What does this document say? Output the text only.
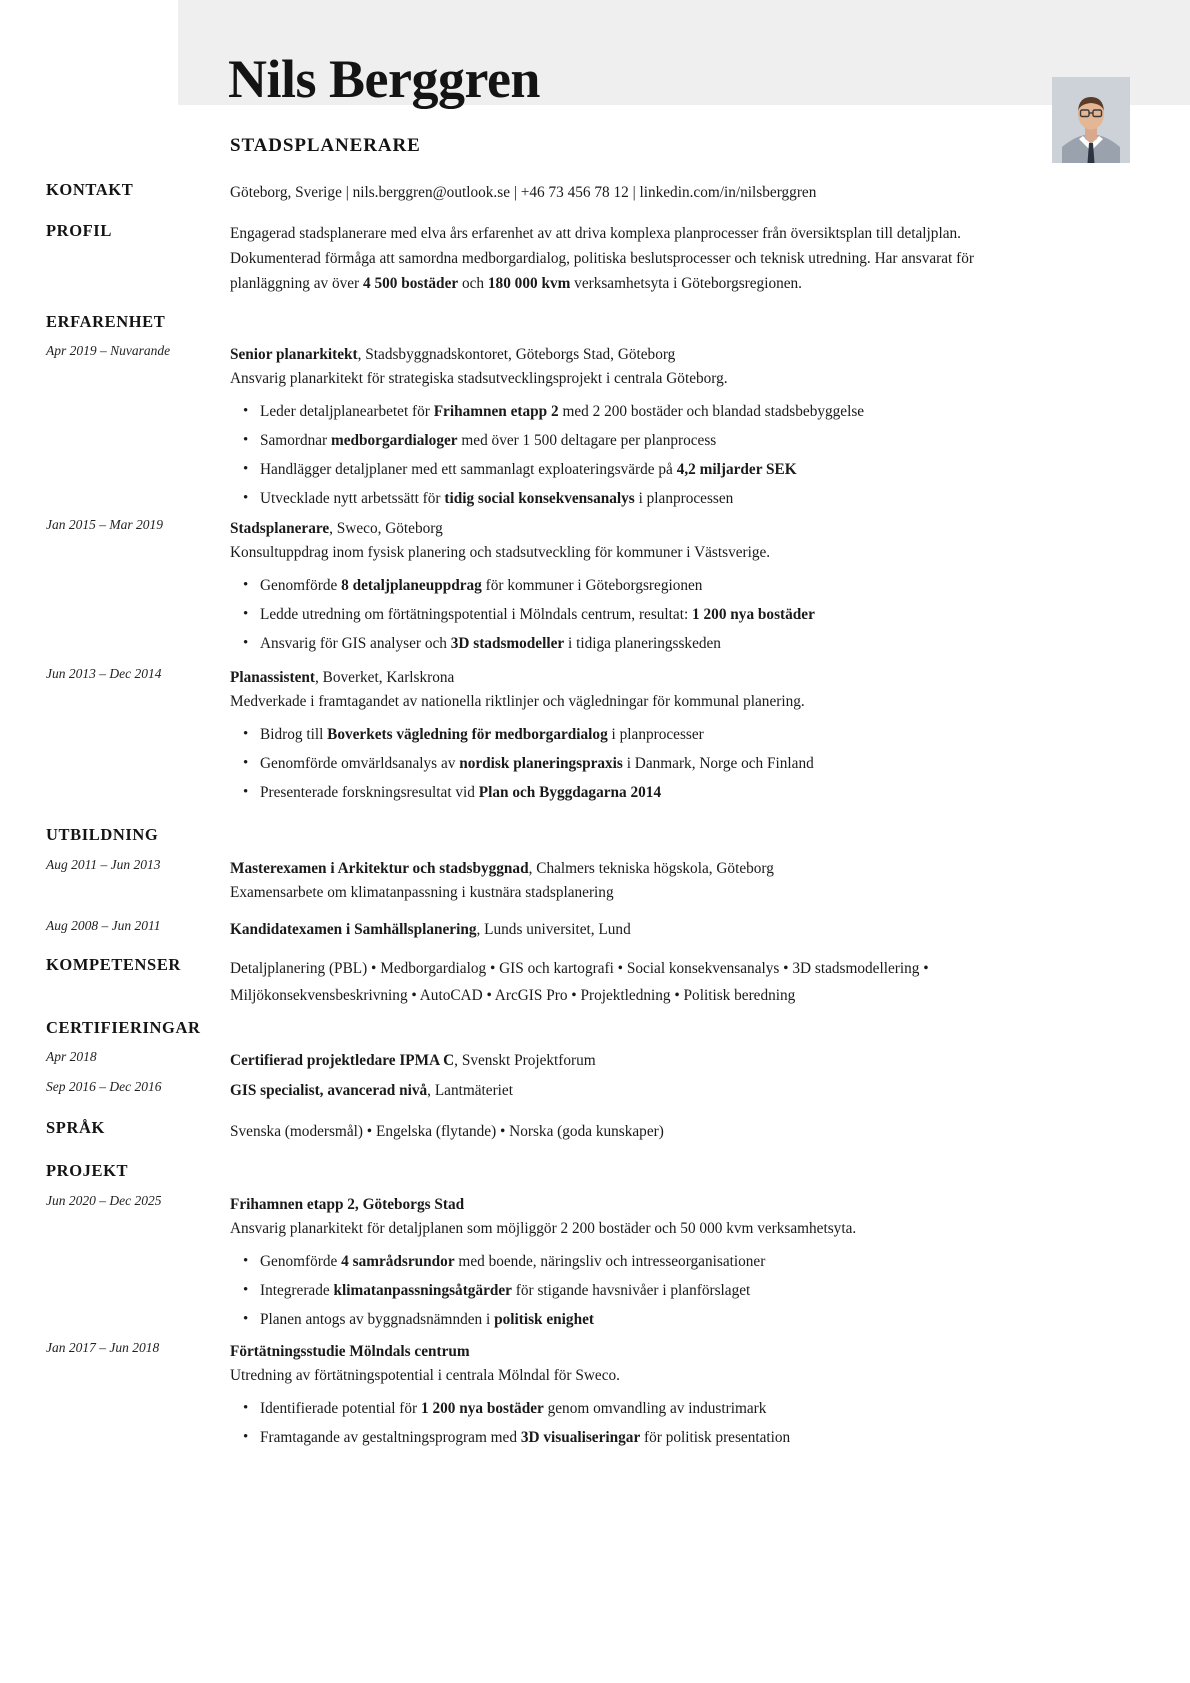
Nils Berggren
STADSPLANERARE
KONTAKT	Göteborg, Sverige | nils.berggren@outlook.se | +46 73 456 78 12 | linkedin.com/in/nilsberggren
PROFIL	Engagerad stadsplanerare med elva års erfarenhet av att driva komplexa planprocesser från översiktsplan till detaljplan. Dokumenterad förmåga att samordna medborgardialog, politiska beslutsprocesser och teknisk utredning. Har ansvarat för planläggning av över 4 500 bostäder och 180 000 kvm verksamhetsyta i Göteborgsregionen.
ERFARENHET
Apr 2019 – Nuvarande	Senior planarkitekt, Stadsbyggnadskontoret, Göteborgs Stad, Göteborg
Ansvarig planarkitekt för strategiska stadsutvecklingsprojekt i centrala Göteborg.
• Leder detaljplanearbetet för Frihamnen etapp 2 med 2 200 bostäder och blandad stadsbebyggelse
• Samordnar medborgardialoger med över 1 500 deltagare per planprocess
• Handlägger detaljplaner med ett sammanlagt exploateringsvärde på 4,2 miljarder SEK
• Utvecklade nytt arbetssätt för tidig social konsekvensanalys i planprocessen
Jan 2015 – Mar 2019	Stadsplanerare, Sweco, Göteborg
Konsultuppdrag inom fysisk planering och stadsutveckling för kommuner i Västsverige.
• Genomförde 8 detaljplaneuppdrag för kommuner i Göteborgsregionen
• Ledde utredning om förtätningspotential i Mölndals centrum, resultat: 1 200 nya bostäder
• Ansvarig för GIS analyser och 3D stadsmodeller i tidiga planeringsskeden
Jun 2013 – Dec 2014	Planassistent, Boverket, Karlskrona
Medverkade i framtagandet av nationella riktlinjer och vägledningar för kommunal planering.
• Bidrog till Boverkets vägledning för medborgardialog i planprocesser
• Genomförde omvärldsanalys av nordisk planeringspraxis i Danmark, Norge och Finland
• Presenterade forskningsresultat vid Plan och Byggdagarna 2014
UTBILDNING
Aug 2011 – Jun 2013	Masterexamen i Arkitektur och stadsbyggnad, Chalmers tekniska högskola, Göteborg
Examensarbete om klimatanpassning i kustnära stadsplanering
Aug 2008 – Jun 2011	Kandidatexamen i Samhällsplanering, Lunds universitet, Lund
KOMPETENSER	Detaljplanering (PBL) • Medborgardialog • GIS och kartografi • Social konsekvensanalys • 3D stadsmodellering •
Miljökonsekvensbeskrivning • AutoCAD • ArcGIS Pro • Projektledning • Politisk beredning
CERTIFIERINGAR
Apr 2018	Certifierad projektledare IPMA C, Svenskt Projektforum
Sep 2016 – Dec 2016	GIS specialist, avancerad nivå, Lantmäteriet
SPRÅK	Svenska (modersmål) • Engelska (flytande) • Norska (goda kunskaper)
PROJEKT
Jun 2020 – Dec 2025	Frihamnen etapp 2, Göteborgs Stad
Ansvarig planarkitekt för detaljplanen som möjliggör 2 200 bostäder och 50 000 kvm verksamhetsyta.
• Genomförde 4 samrådsrundor med boende, näringsliv och intresseorganisationer
• Integrerade klimatanpassningsåtgärder för stigande havsnivåer i planförslaget
• Planen antogs av byggnadsnämnden i politisk enighet
Jan 2017 – Jun 2018	Förtätningsstudie Mölndals centrum
Utredning av förtätningspotential i centrala Mölndal för Sweco.
• Identifierade potential för 1 200 nya bostäder genom omvandling av industrimark
• Framtagande av gestaltningsprogram med 3D visualiseringar för politisk presentation
